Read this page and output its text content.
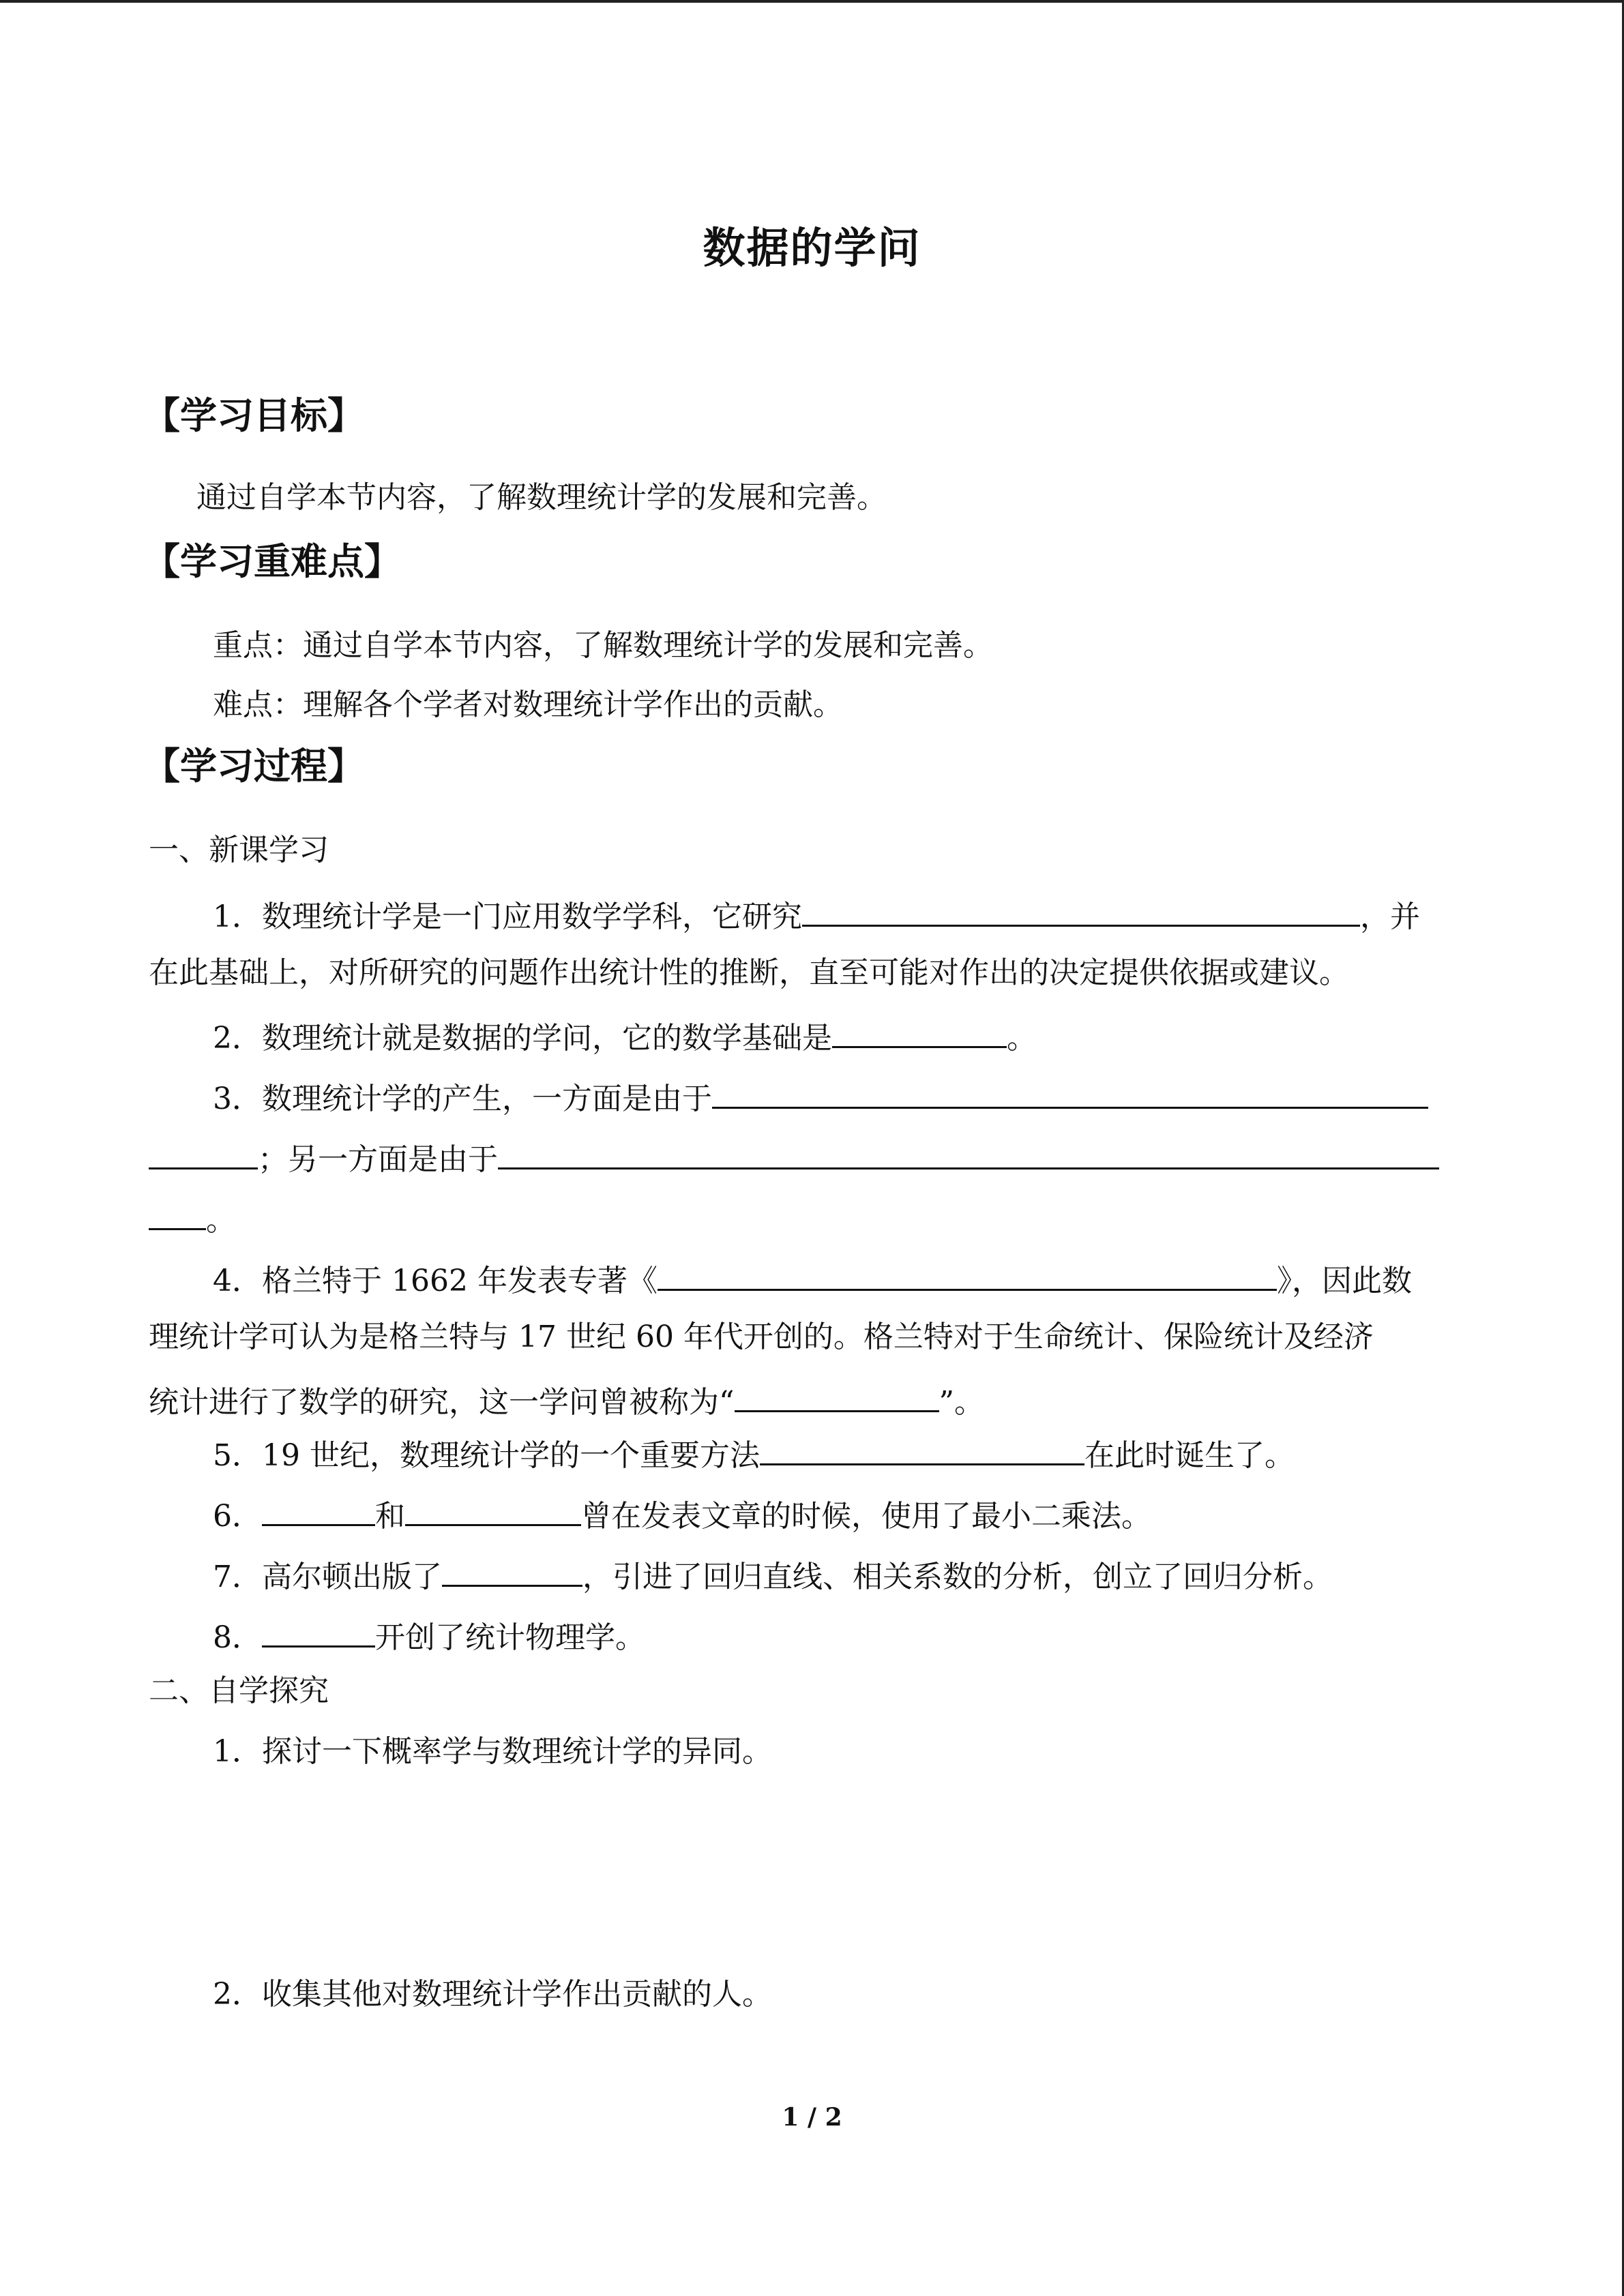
数据的学问
【学习目标】
通过自学本节内容，了解数理统计学的发展和完善。
【学习重难点】
重点：通过自学本节内容，了解数理统计学的发展和完善。
难点：理解各个学者对数理统计学作出的贡献。
【学习过程】
一、新课学习
1．数理统计学是一门应用数学学科，它研究	，并
在此基础上，对所研究的问题作出统计性的推断，直至可能对作出的决定提供依据或建议。
2．数理统计就是数据的学问，它的数学基础是	。
3．数理统计学的产生，一方面是由于
；另一方面是由于
。
4．格兰特于 1662 年发表专著《	》，因此数
理统计学可认为是格兰特与 17 世纪 60 年代开创的。格兰特对于生命统计、保险统计及经济
统计进行了数学的研究，这一学问曾被称为“	”。
5．19 世纪，数理统计学的一个重要方法	在此时诞生了。
6．	和	曾在发表文章的时候，使用了最小二乘法。
7．高尔顿出版了	，引进了回归直线、相关系数的分析，创立了回归分析。
8．	开创了统计物理学。
二、自学探究
1．探讨一下概率学与数理统计学的异同。
2．收集其他对数理统计学作出贡献的人。
1 / 2
